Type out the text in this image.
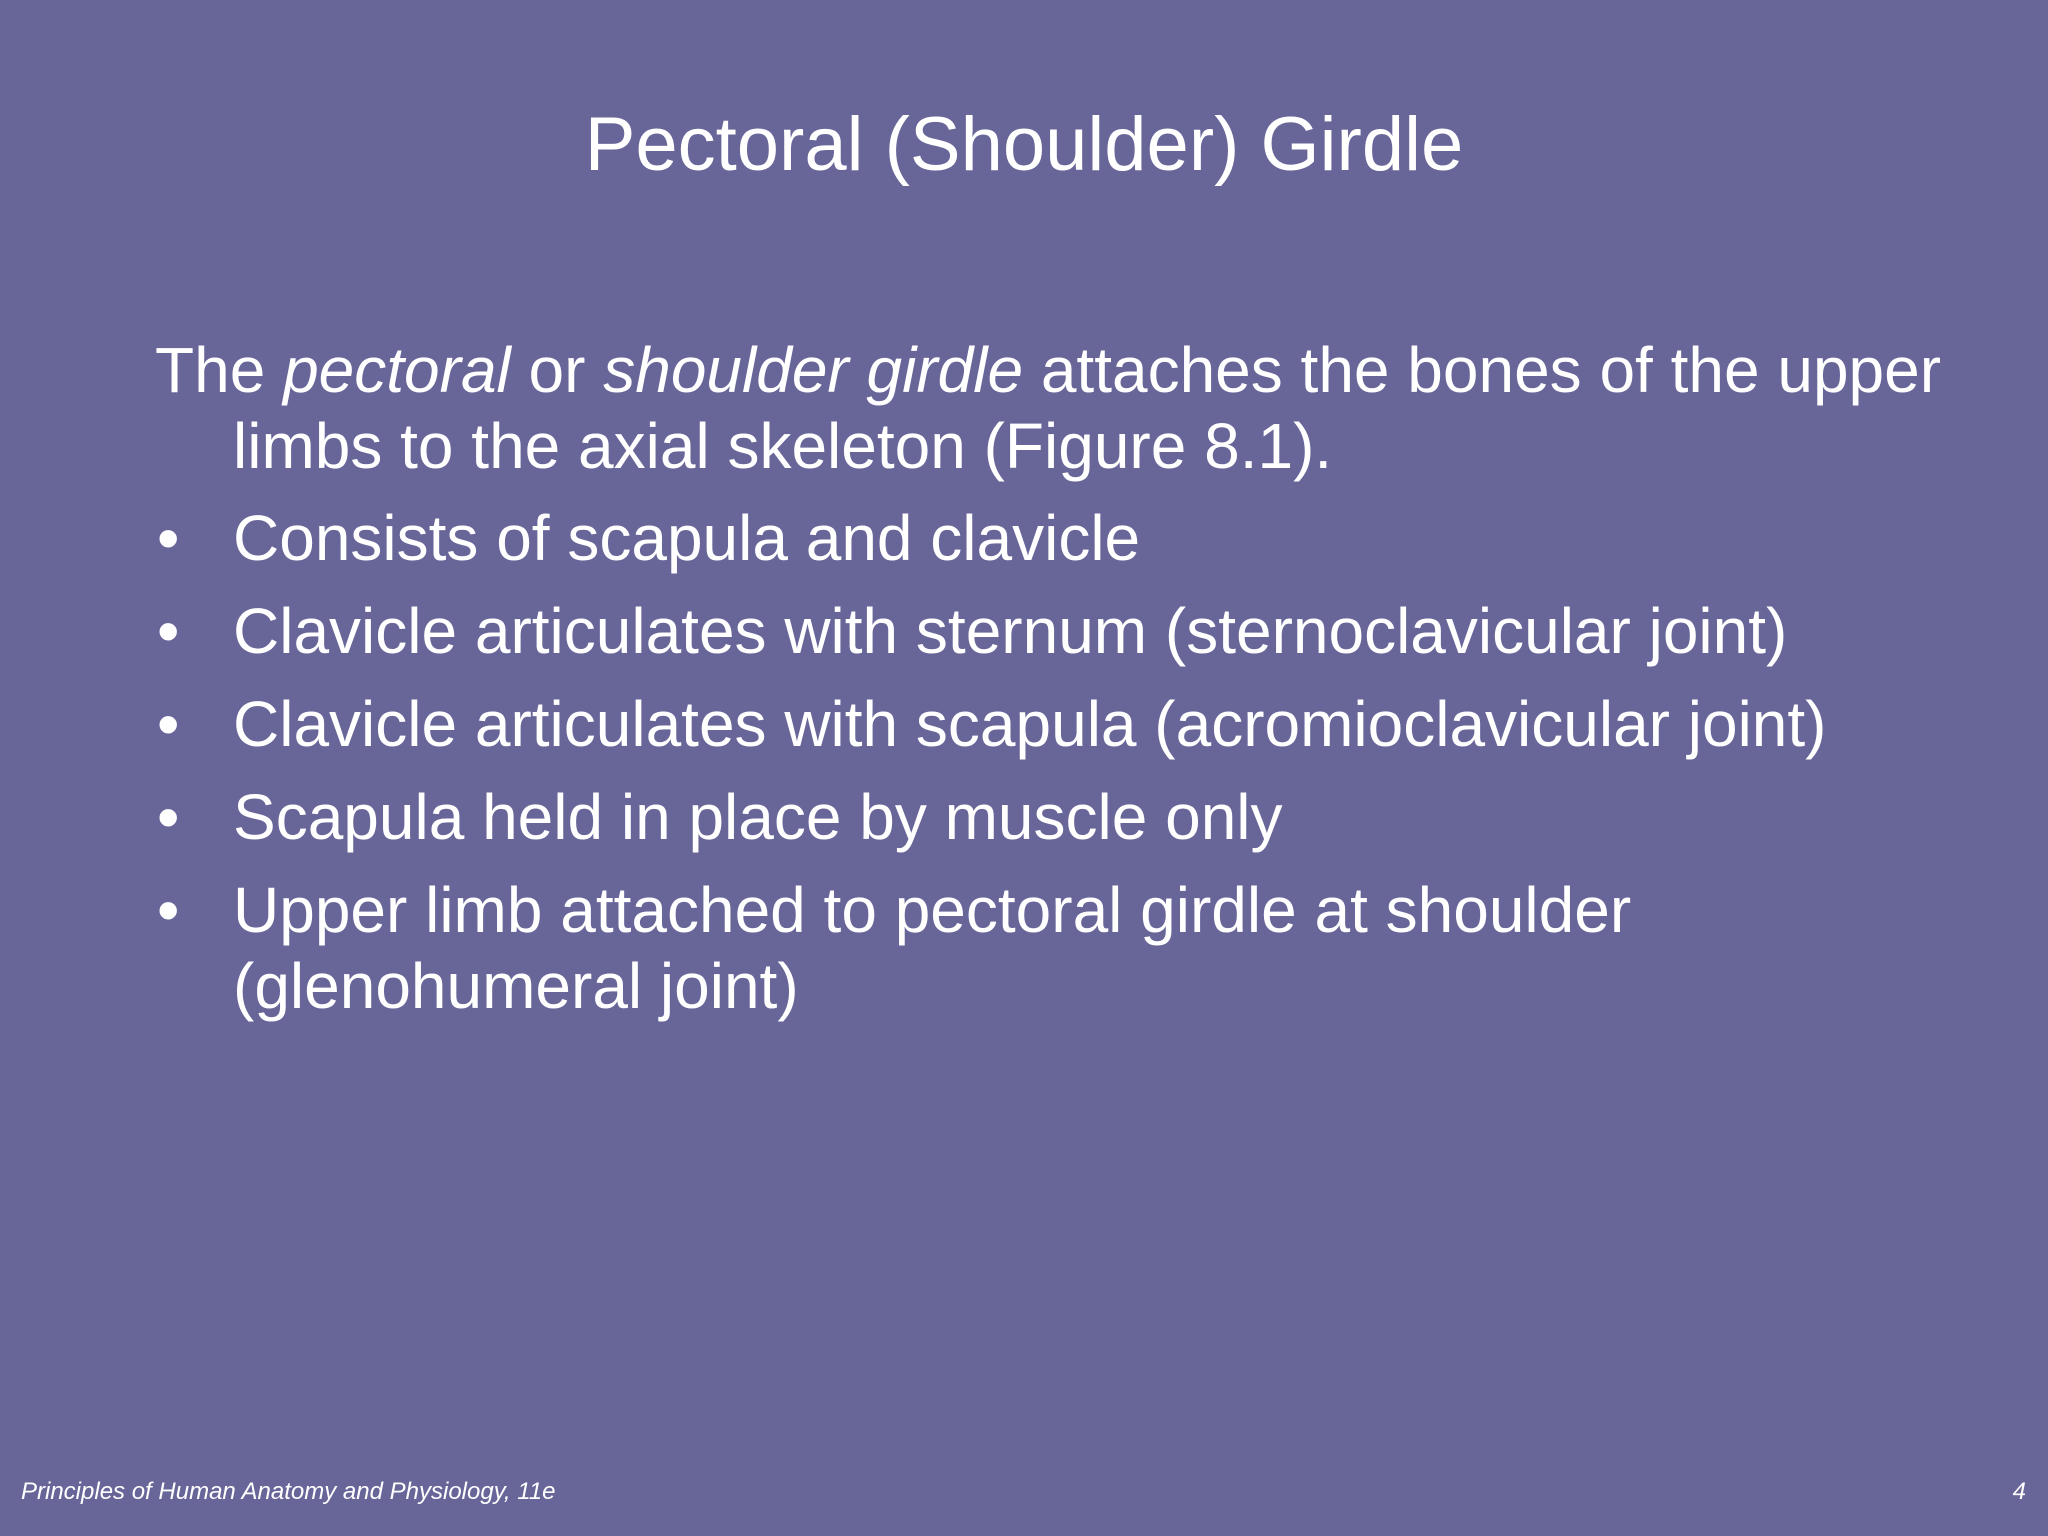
Pectoral (Shoulder) Girdle

The pectoral or shoulder girdle attaches the bones of the upper limbs to the axial skeleton (Figure 8.1).

• Consists of scapula and clavicle
• Clavicle articulates with sternum (sternoclavicular joint)
• Clavicle articulates with scapula (acromioclavicular joint)
• Scapula held in place by muscle only
• Upper limb attached to pectoral girdle at shoulder (glenohumeral joint)
Principles of Human Anatomy and Physiology, 11e	4
